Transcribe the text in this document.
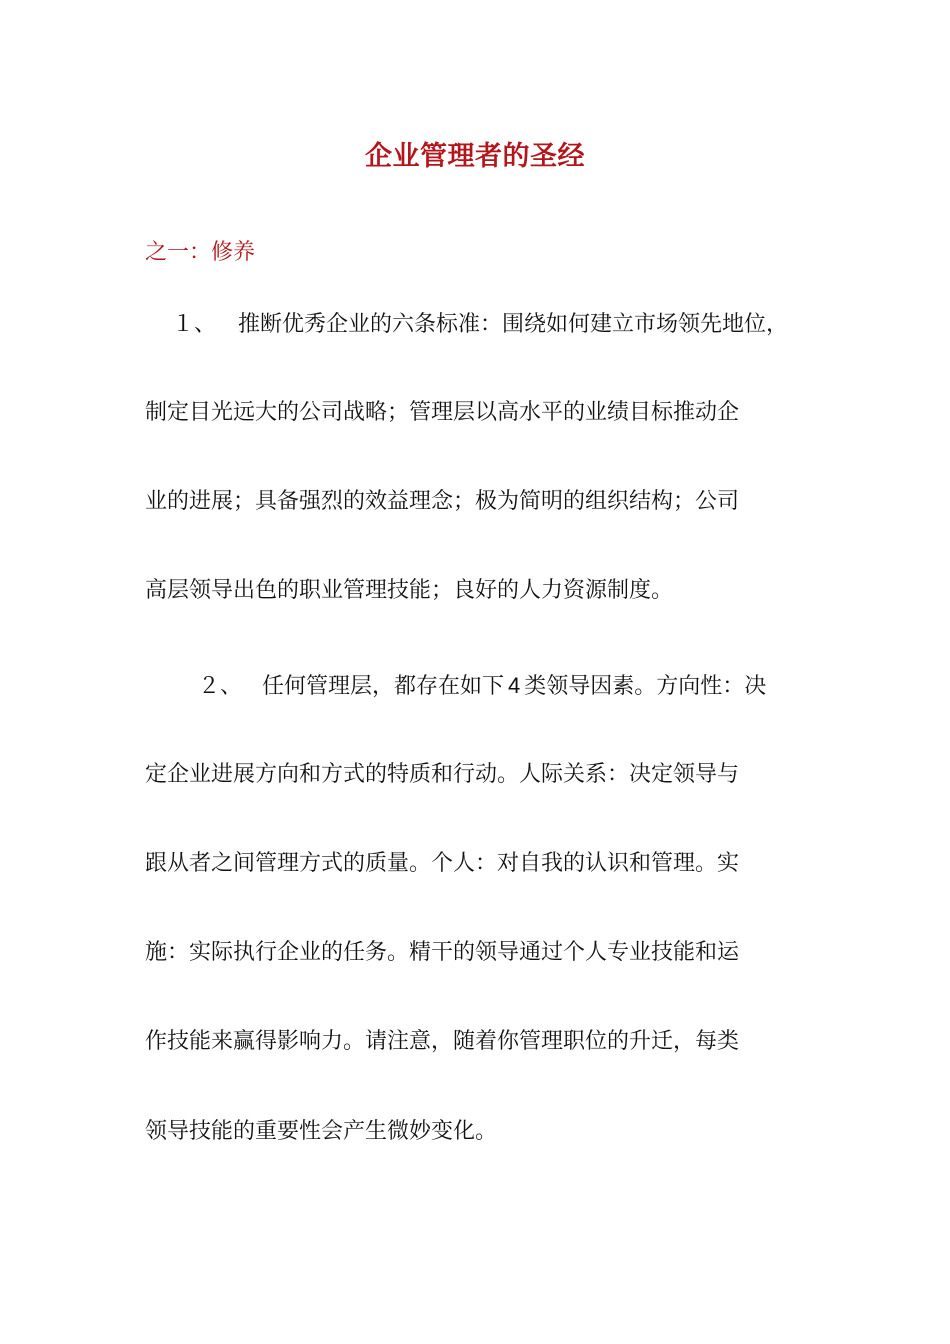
企业管理者的圣经

之一：修养

１、 推断优秀企业的六条标准：围绕如何建立市场领先地位，

制定目光远大的公司战略；管理层以高水平的业绩目标推动企

业的进展；具备强烈的效益理念；极为简明的组织结构；公司

高层领导出色的职业管理技能；良好的人力资源制度。

２、 任何管理层，都存在如下 4 类领导因素。方向性：决

定企业进展方向和方式的特质和行动。人际关系：决定领导与

跟从者之间管理方式的质量。个人：对自我的认识和管理。实

施：实际执行企业的任务。精干的领导通过个人专业技能和运

作技能来赢得影响力。请注意，随着你管理职位的升迁，每类

领导技能的重要性会产生微妙变化。
